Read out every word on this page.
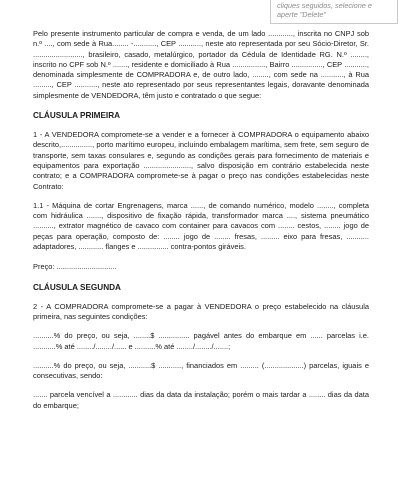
cliques seguidos, selecione e
aperte "Delete"

Pelo presente instrumento particular de compra e venda, de um lado ............, inscrita no CNPJ sob n.º ...., com sede à Rua........ -..........., CEP ..........., neste ato representada por seu Sócio-Diretor, Sr. ........................, brasileiro, casado, metalúrgico, portador da Cédula de Identidade RG. N.º ........, inscrito no CPF sob N.º ......., residente e domiciliado à Rua ................, Bairro ..............., CEP ..........., denominada simplesmente de COMPRADORA e, de outro lado, ........, com sede na ..........., à Rua ........., CEP ..........., neste ato representado por seus representantes legais, doravante denominada simplesmente de VENDEDORA, têm justo e contratado o que segue:

CLÁUSULA PRIMEIRA

1 - A VENDEDORA compromete-se a vender e a fornecer à COMPRADORA o equipamento abaixo descrito,..............., porto marítimo europeu, incluindo embalagem marítima, sem frete, sem seguro de transporte, sem taxas consulares e, segundo as condições gerais para fornecimento de materiais e equipamentos para exportação ......................., salvo disposição em contrário estabelecida neste contrato; e a COMPRADORA compromete-se à pagar o preço nas condições estabelecidas neste Contrato:

1.1 - Máquina de cortar Engrenagens, marca ......, de comando numérico, modelo ........, completa com hidráulica ......., dispositivo de fixação rápida, transformador marca ...., sistema pneumático .........., extrator magnético de cavaco com container para cavacos com ........ cestos, ........ jogo de peças para operação, composto de: ........ jogo de ........ fresas, ......... eixo para fresas, ........... adaptadores, ............ flanges e ............... contra-pontos giráveis.

Preço: .............................

CLÁUSULA SEGUNDA

2 - A COMPRADORA compromete-se a pagar à VENDEDORA o preço estabelecido na cláusula primeira, nas seguintes condições:

..........% do preço, ou seja, ........$ ............... pagável antes do embarque em ...... parcelas i.e. ...........% até ......../......../...... e ..........% até ......../......../.......;

..........% do preço, ou seja, ...........$ ..........., financiados em ......... (...................) parcelas, iguais e consecutivas, sendo:

....... parcela vencível a ............ dias da data da instalação; porém o mais tardar a ........ dias da data do embarque;
